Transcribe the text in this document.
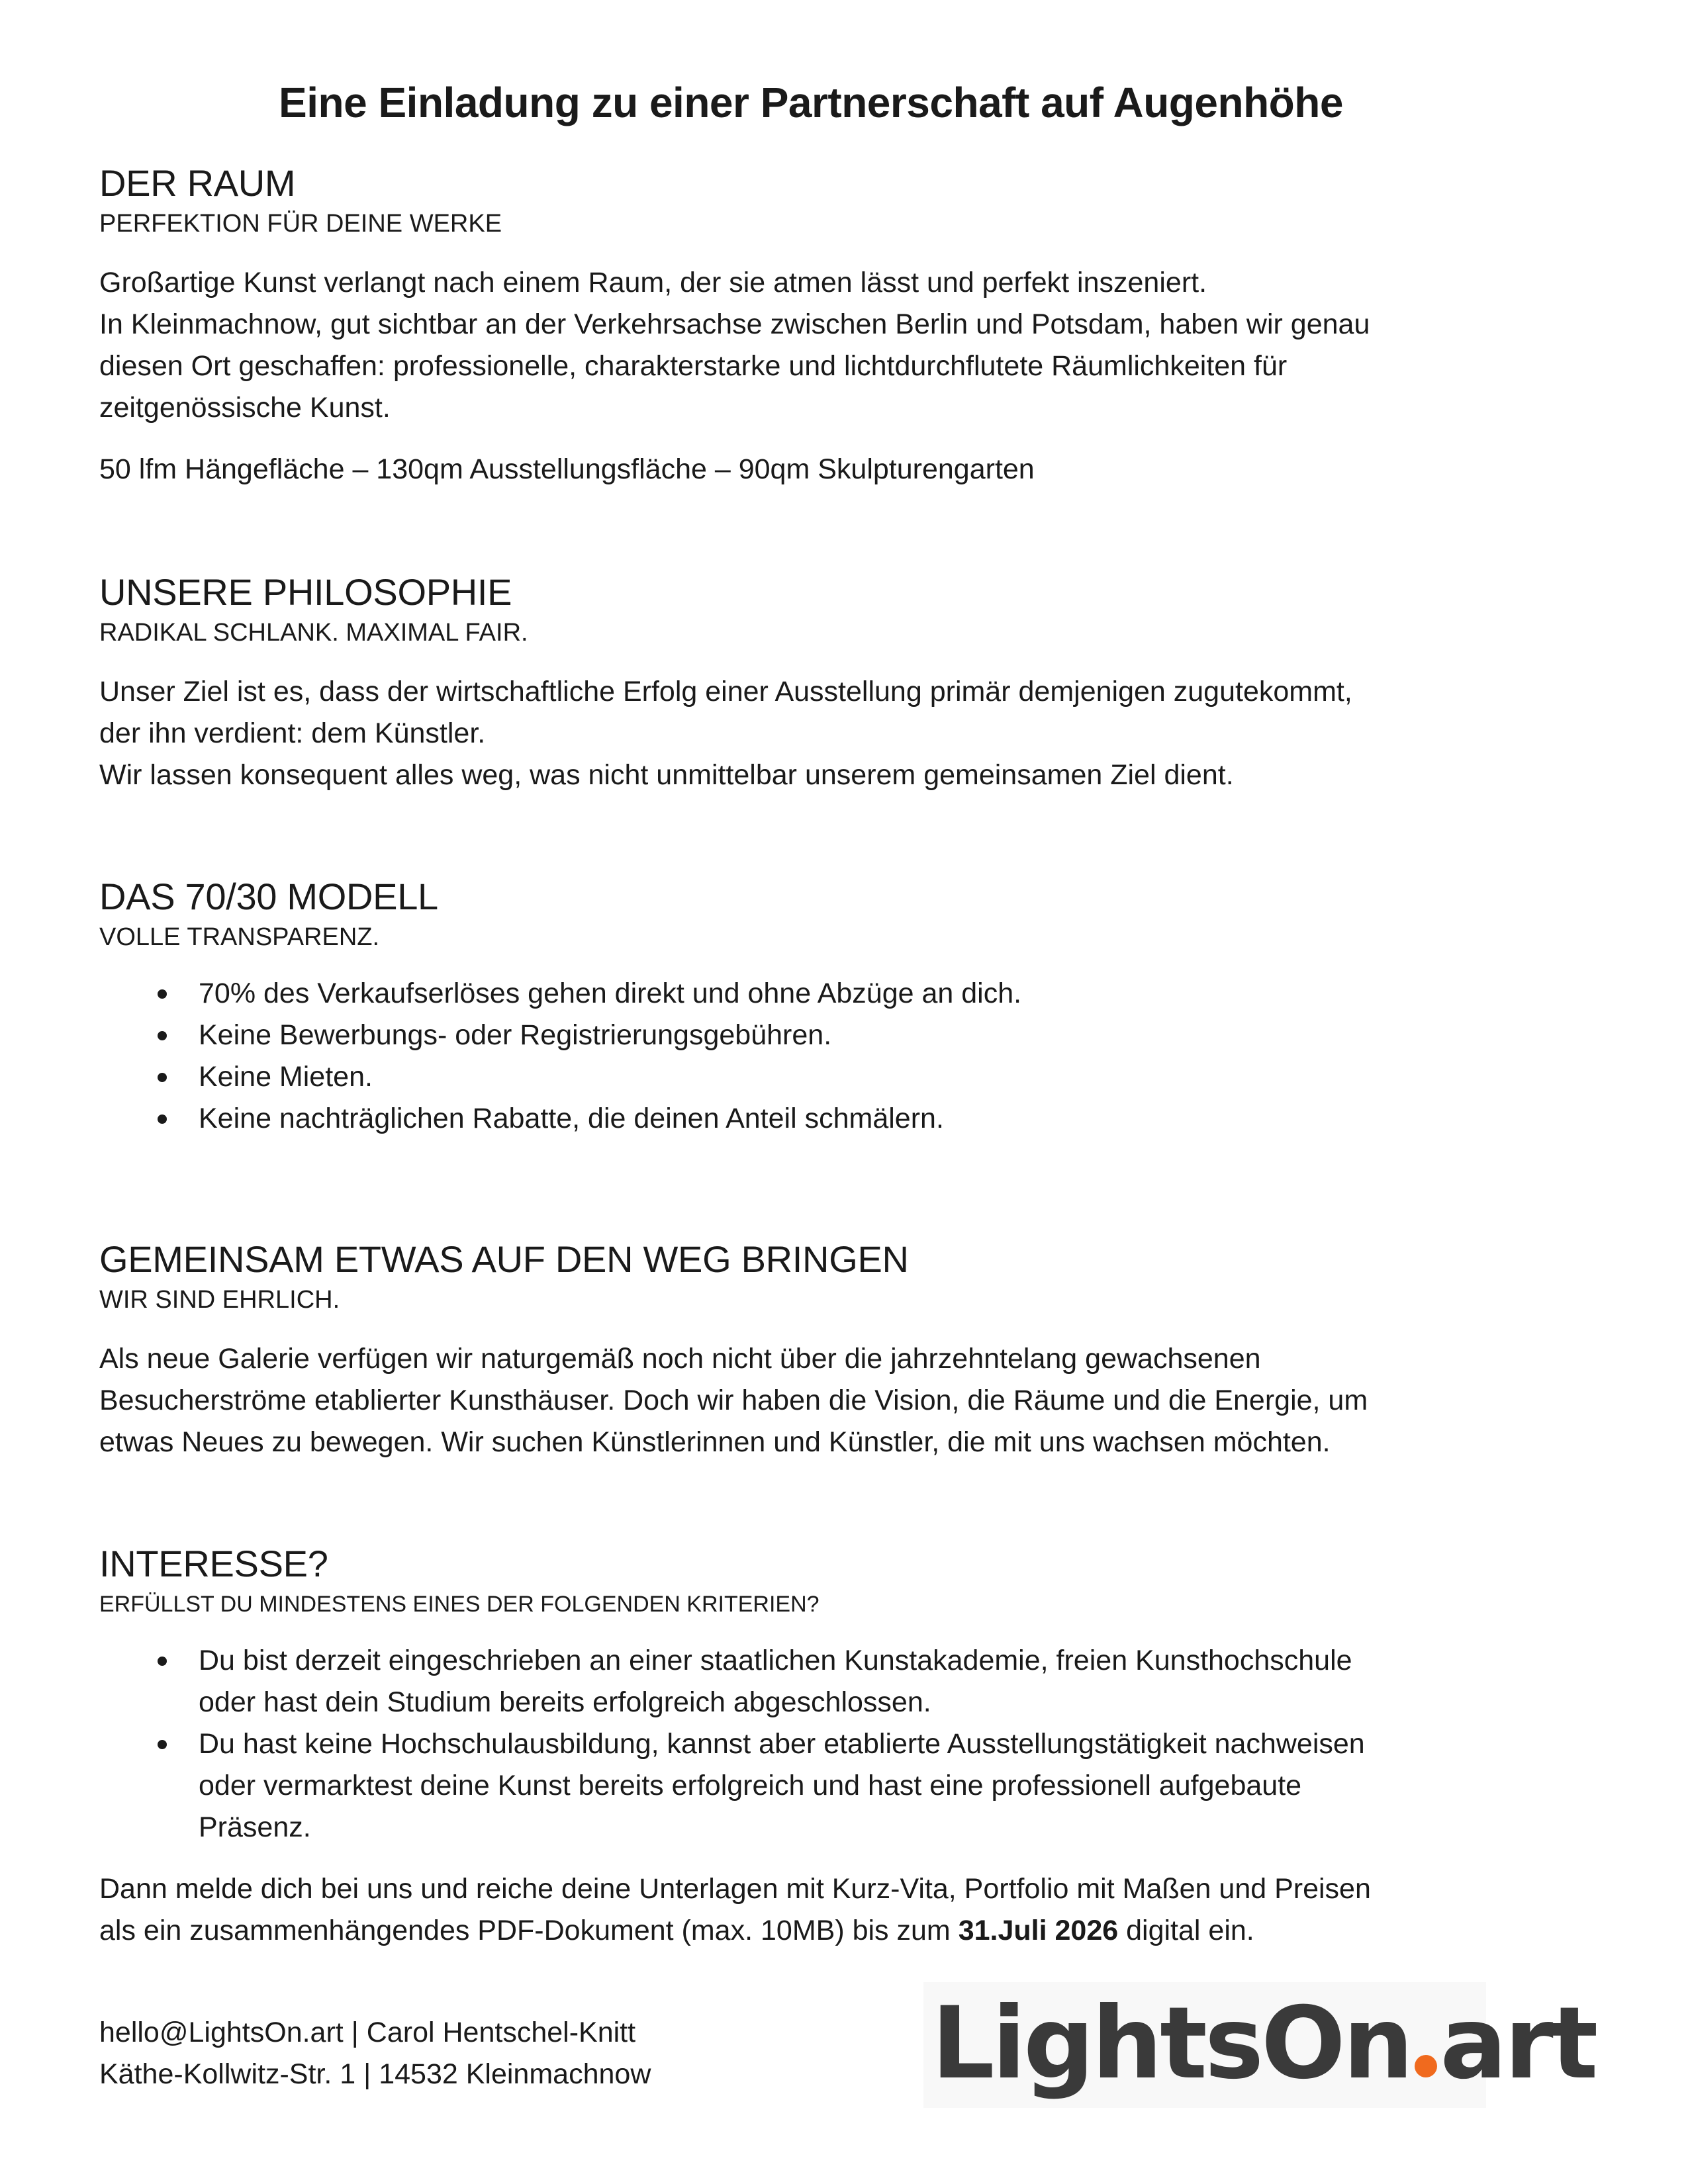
Eine Einladung zu einer Partnerschaft auf Augenhöhe
DER RAUM

PERFEKTION FÜR DEINE WERKE

Großartige Kunst verlangt nach einem Raum, der sie atmen lässt und perfekt inszeniert.
In Kleinmachnow, gut sichtbar an der Verkehrsachse zwischen Berlin und Potsdam, haben wir genau
diesen Ort geschaffen: professionelle, charakterstarke und lichtdurchflutete Räumlichkeiten für
zeitgenössische Kunst.

50 lfm Hängefläche – 130qm Ausstellungsfläche – 90qm Skulpturengarten

UNSERE PHILOSOPHIE

RADIKAL SCHLANK. MAXIMAL FAIR.

Unser Ziel ist es, dass der wirtschaftliche Erfolg einer Ausstellung primär demjenigen zugutekommt,
der ihn verdient: dem Künstler.
Wir lassen konsequent alles weg, was nicht unmittelbar unserem gemeinsamen Ziel dient.

DAS 70/30 MODELL

VOLLE TRANSPARENZ.

70% des Verkaufserlöses gehen direkt und ohne Abzüge an dich.
Keine Bewerbungs- oder Registrierungsgebühren.
Keine Mieten.
Keine nachträglichen Rabatte, die deinen Anteil schmälern.
GEMEINSAM ETWAS AUF DEN WEG BRINGEN

WIR SIND EHRLICH.

Als neue Galerie verfügen wir naturgemäß noch nicht über die jahrzehntelang gewachsenen
Besucherströme etablierter Kunsthäuser. Doch wir haben die Vision, die Räume und die Energie, um
etwas Neues zu bewegen. Wir suchen Künstlerinnen und Künstler, die mit uns wachsen möchten.

INTERESSE?

ERFÜLLST DU MINDESTENS EINES DER FOLGENDEN KRITERIEN?

Du bist derzeit eingeschrieben an einer staatlichen Kunstakademie, freien Kunsthochschule
oder hast dein Studium bereits erfolgreich abgeschlossen.
Du hast keine Hochschulausbildung, kannst aber etablierte Ausstellungstätigkeit nachweisen
oder vermarktest deine Kunst bereits erfolgreich und hast eine professionell aufgebaute
Präsenz.

Dann melde dich bei uns und reiche deine Unterlagen mit Kurz-Vita, Portfolio mit Maßen und Preisen
als ein zusammenhängendes PDF-Dokument (max. 10MB) bis zum 31.Juli 2026 digital ein.

hello@LightsOn.art | Carol Hentschel-Knitt
Käthe-Kollwitz-Str. 1 | 14532 Kleinmachnow	LightsOn art
